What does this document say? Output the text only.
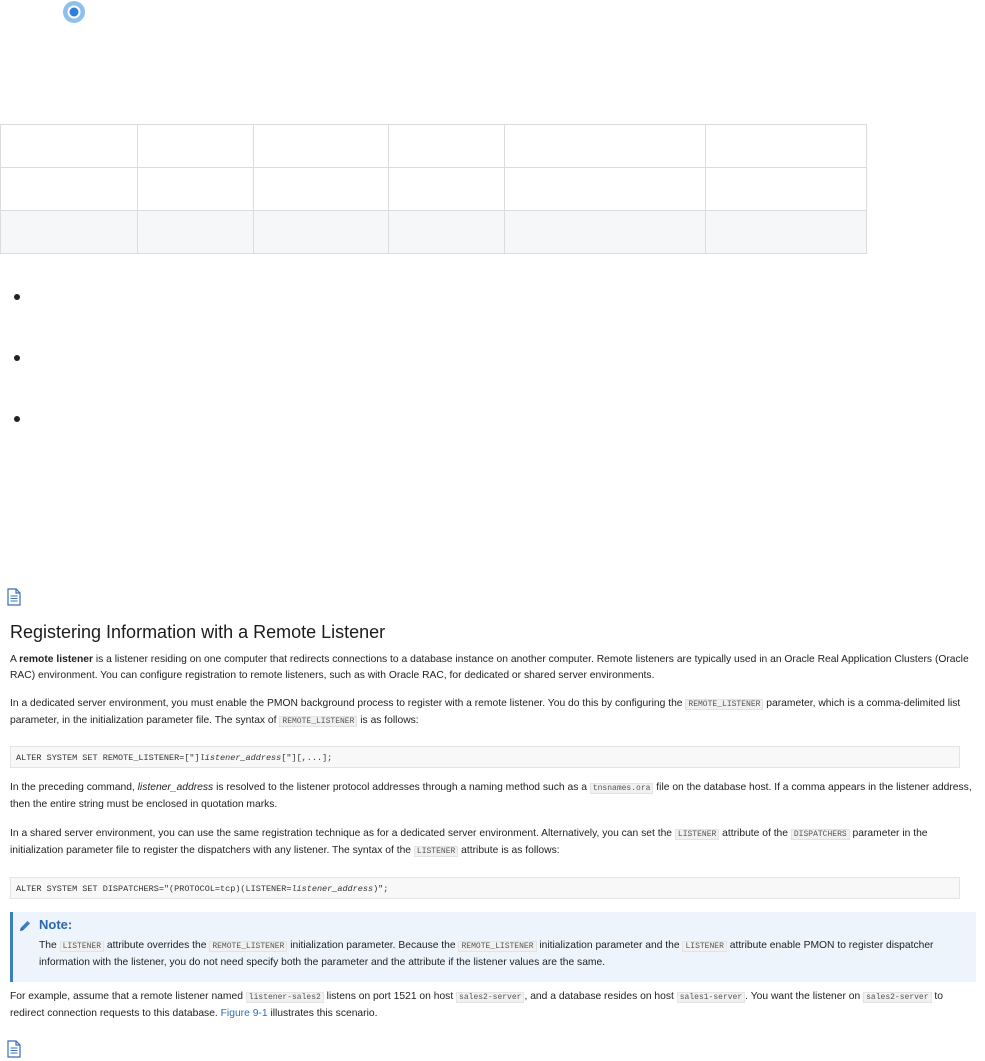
Registering Information with a Remote Listener

A remote listener is a listener residing on one computer that redirects connections to a database instance on another computer. Remote listeners are typically used in an Oracle Real Application Clusters (Oracle RAC) environment. You can configure registration to remote listeners, such as with Oracle RAC, for dedicated or shared server environments.

In a dedicated server environment, you must enable the PMON background process to register with a remote listener. You do this by configuring the REMOTE_LISTENER parameter, which is a comma-delimited list parameter, in the initialization parameter file. The syntax of REMOTE_LISTENER is as follows:

ALTER SYSTEM SET REMOTE_LISTENER=["]listener_address["][,...];

In the preceding command, listener_address is resolved to the listener protocol addresses through a naming method such as a tnsnames.ora file on the database host. If a comma appears in the listener address, then the entire string must be enclosed in quotation marks.

In a shared server environment, you can use the same registration technique as for a dedicated server environment. Alternatively, you can set the LISTENER attribute of the DISPATCHERS parameter in the initialization parameter file to register the dispatchers with any listener. The syntax of the LISTENER attribute is as follows:

ALTER SYSTEM SET DISPATCHERS="(PROTOCOL=tcp)(LISTENER=listener_address)";
Note:

The LISTENER attribute overrides the REMOTE_LISTENER initialization parameter. Because the REMOTE_LISTENER initialization parameter and the LISTENER attribute enable PMON to register dispatcher information with the listener, you do not need specify both the parameter and the attribute if the listener values are the same.

For example, assume that a remote listener named listener-sales2 listens on port 1521 on host sales2-server , and a database resides on host sales1-server . You want the listener on sales2-server to redirect connection requests to this database. Figure 9-1 illustrates this scenario.
